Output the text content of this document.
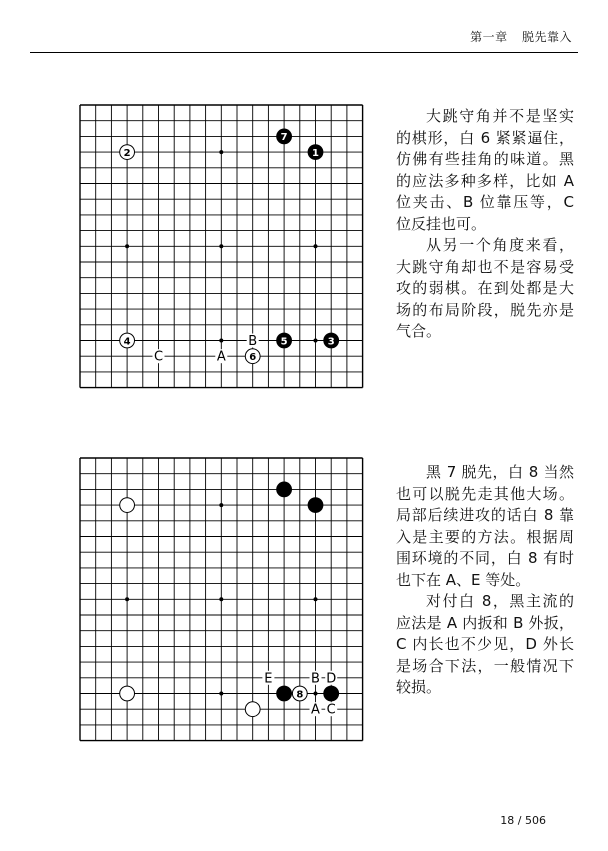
第一章 脱先靠入
B
C	A
2
7
1
4	5	3
6

大跳守角并不是坚实的棋形，白 6 紧紧逼住，仿佛有些挂角的味道。黑的应法多种多样，比如 A 位夹击、B 位靠压等，C 位反挂也可。

从另一个角度来看，大跳守角却也不是容易受攻的弱棋。在到处都是大场的布局阶段，脱先亦是气合。

E	B D
A C
8

黑 7 脱先，白 8 当然也可以脱先走其他大场。局部后续进攻的话白 8 靠入是主要的方法。根据周围环境的不同，白 8 有时也下在 A、E 等处。

对付白 8，黑主流的应法是 A 内扳和 B 外扳，C 内长也不少见，D 外长是场合下法，一般情况下较损。

18 / 506
